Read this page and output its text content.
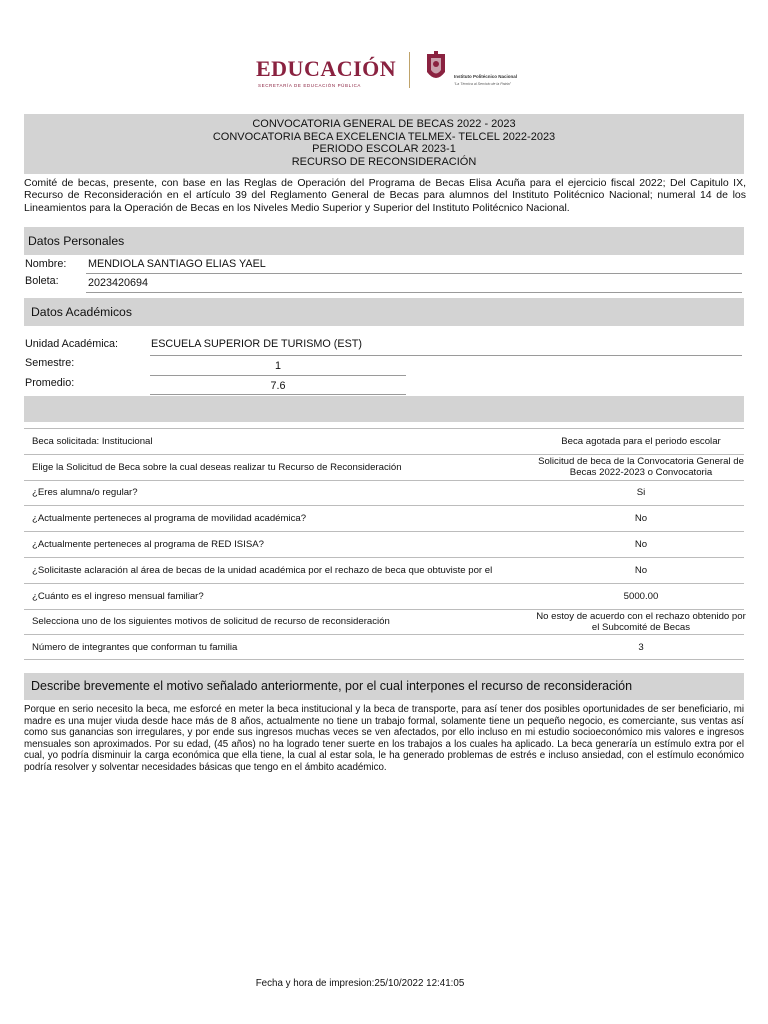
EDUCACIÓN
SECRETARÍA DE EDUCACIÓN PÚBLICA
Instituto Politécnico Nacional
"La Técnica al Servicio de la Patria"
CONVOCATORIA GENERAL DE BECAS 2022 - 2023
CONVOCATORIA BECA EXCELENCIA TELMEX- TELCEL 2022-2023
PERIODO ESCOLAR 2023-1
RECURSO DE RECONSIDERACIÓN
Comité de becas, presente, con base en las Reglas de Operación del Programa de Becas Elisa Acuña para el ejercicio fiscal 2022; Del Capitulo IX, Recurso de Reconsideración en el artículo 39 del Reglamento General de Becas para alumnos del Instituto Politécnico Nacional; numeral 14 de los Lineamientos para la Operación de Becas en los Niveles Medio Superior y Superior del Instituto Politécnico Nacional.
Datos Personales
Nombre: MENDIOLA SANTIAGO ELIAS YAEL
Boleta:	2023420694
Datos Académicos
Unidad Académica:	ESCUELA SUPERIOR DE TURISMO (EST)
Semestre:	1
Promedio:	7.6
Beca solicitada: Institucional	Beca agotada para el periodo escolar
Elige la Solicitud de Beca sobre la cual deseas realizar tu Recurso de Reconsideración	Solicitud de beca de la Convocatoria General de Becas 2022-2023 o Convocatoria
¿Eres alumna/o regular?	Si
¿Actualmente perteneces al programa de movilidad académica?	No
¿Actualmente perteneces al programa de RED ISISA?	No
¿Solicitaste aclaración al área de becas de la unidad académica por el rechazo de beca que obtuviste por el	No
¿Cuánto es el ingreso mensual familiar?	5000.00
Selecciona uno de los siguientes motivos de solicitud de recurso de reconsideración	No estoy de acuerdo con el rechazo obtenido por el Subcomité de Becas
Número de integrantes que conforman tu familia	3
Describe brevemente el motivo señalado anteriormente, por el cual interpones el recurso de reconsideración
Porque en serio necesito la beca, me esforcé en meter la beca institucional y la beca de transporte, para así tener dos posibles oportunidades de ser beneficiario, mi madre es una mujer viuda desde hace más de 8 años, actualmente no tiene un trabajo formal, solamente tiene un pequeño negocio, es comerciante, sus ventas así como sus ganancias son irregulares, y por ende sus ingresos muchas veces se ven afectados, por ello incluso en mi estudio socioeconómico mis valores e ingresos mensuales son aproximados. Por su edad, (45 años) no ha logrado tener suerte en los trabajos a los cuales ha aplicado. La beca generaría un estímulo extra por el cual, yo podría disminuir la carga económica que ella tiene, la cual al estar sola, le ha generado problemas de estrés e incluso ansiedad, con el estímulo económico podría resolver y solventar necesidades básicas que tengo en el ámbito académico.
Fecha y hora de impresion:25/10/2022 12:41:05
